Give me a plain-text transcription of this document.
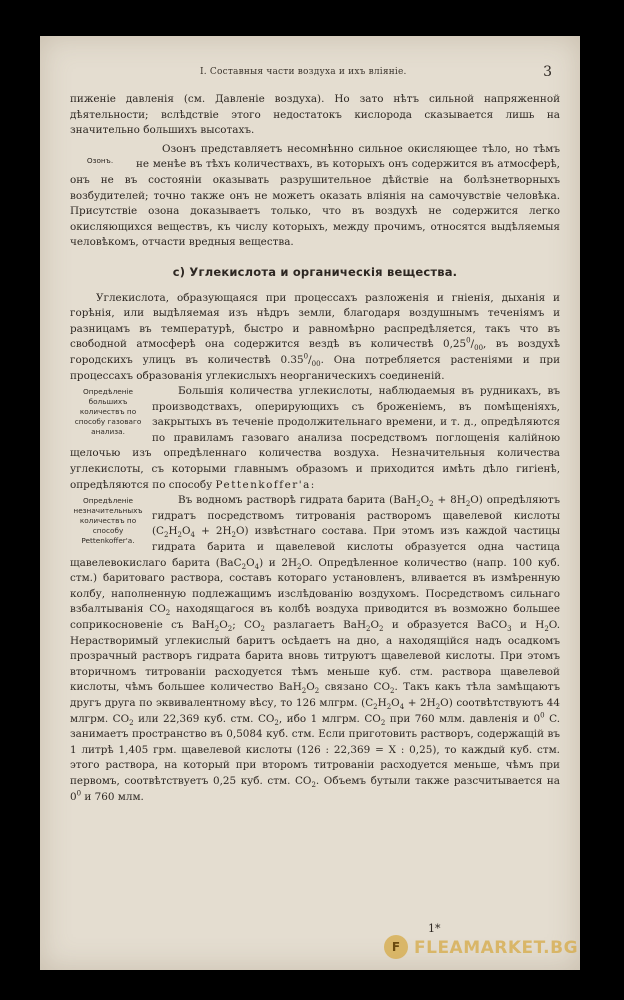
I. Составныя части воздуха и ихъ вліяніе.	3

пиженіе давленія (см. Давленіе воздуха). Но зато нѣтъ сильной напряженной дѣятельности; вслѣдствіе этого недостатокъ кислорода сказывается лишь на значительно большихъ высотахъ.

Озонъ.

Озонъ представляетъ несомнѣнно сильное окисляющее тѣло, но тѣмъ не менѣе въ тѣхъ количествахъ, въ которыхъ онъ содержится въ атмосферѣ, онъ не въ состояніи оказывать разрушительное дѣйствіе на болѣзнетворныхъ возбудителей; точно также онъ не можетъ оказать вліянія на самочувствіе человѣка. Присутствіе озона доказываетъ только, что въ воздухѣ не содержится легко окисляющихся веществъ, къ числу которыхъ, между прочимъ, относятся выдѣляемыя человѣкомъ, отчасти вредныя вещества.

c) Углекислота и органическія вещества.

Углекислота, образующаяся при процессахъ разложенія и гніенія, дыханія и горѣнія, или выдѣляемая изъ нѣдръ земли, благодаря воздушнымъ теченіямъ и разницамъ въ температурѣ, быстро и равномѣрно распредѣляется, такъ что въ свободной атмосферѣ она содержится вездѣ въ количествѣ $0,25^0/_{00}$, въ воздухѣ городскихъ улицъ въ количествѣ $0.35^0/_{00}$. Она потребляется растеніями и при процессахъ образованія углекислыхъ неорганическихъ соединеній.

Опредѣленіе большихъ количествъ по способу газоваго анализа.

Большія количества углекислоты, наблюдаемыя въ рудникахъ, въ производствахъ, оперирующихъ съ броженіемъ, въ помѣщеніяхъ, закрытыхъ въ теченіе продолжительнаго времени, и т. д., опредѣляются по правиламъ газоваго анализа посредствомъ поглощенія калійною щелочью изъ опредѣленнаго количества воздуха. Незначительныя количества углекислоты, съ которыми главнымъ образомъ и приходится имѣть дѣло гигіенѣ, опредѣляются по способу Pettenkoffer'a:

Опредѣленіе незначительныхъ количествъ по способу Pettenkoffer'a.

Въ водномъ растворѣ гидрата барита $(BaH_2O_2 + 8H_2O)$ опредѣляютъ гидратъ посредствомъ титрованія растворомъ щавелевой кислоты $(C_2H_2O_4 + 2H_2O)$ извѣстнаго состава. При этомъ изъ каждой частицы гидрата барита и щавелевой кислоты образуется одна частица щавелевокислаго барита $(BaC_2O_4)$ и $2H_2O$. Опредѣленное количество (напр. 100 куб. стм.) баритоваго раствора, составъ котораго установленъ, вливается въ измѣренную колбу, наполненную подлежащимъ изслѣдованію воздухомъ. Посредствомъ сильнаго взбалтыванія $CO_2$ находящагося въ колбѣ воздуха приводится въ возможно большее соприкосновеніе съ $BaH_2O_2$; $CO_2$ разлагаетъ $BaH_2O_2$ и образуется BaCO$_3$ и $H_2O$. Нерастворимый углекислый баритъ осѣдаетъ на дно, а находящійся надъ осадкомъ прозрачный растворъ гидрата барита вновь титруютъ щавелевой кислоты. При этомъ вторичномъ титрованіи расходуется тѣмъ меньше куб. стм. раствора щавелевой кислоты, чѣмъ большее количество $BaH_2O_2$ связано $CO_2$. Такъ какъ тѣла замѣщаютъ другъ друга по эквивалентному вѣсу, то 126 млгрм. $(C_2H_2O_4 + 2H_2O)$ соотвѣтствуютъ 44 млгрм. $CO_2$ или 22,369 куб. стм. $CO_2$, ибо 1 млгрм. $CO_2$ при 760 млм. давленія и $0^0$ C. занимаетъ пространство въ 0,5084 куб. стм. Если приготовить растворъ, содержащій въ 1 литрѣ 1,405 грм. щавелевой кислоты (126 : 22,369 = X : 0,25), то каждый куб. стм. этого раствора, на который при второмъ титрованіи расходуется меньше, чѣмъ при первомъ, соотвѣтствуетъ 0,25 куб. стм. $CO_2$. Объемъ бутыли также разсчитывается на $0^0$ и 760 млм.

1*
F FLEAMARKET.BG
